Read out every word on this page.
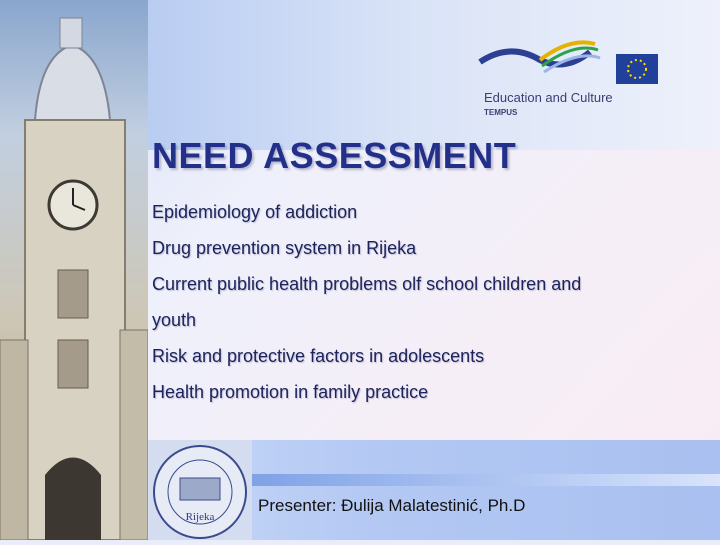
Education and Culture
TEMPUS
NEED ASSESSMENT
Epidemiology of addiction
Drug prevention system in Rijeka
Current public health problems olf school children and
youth
Risk and protective factors in adolescents
Health promotion in family practice
Rijeka
Presenter: Đulija Malatestinić, Ph.D
